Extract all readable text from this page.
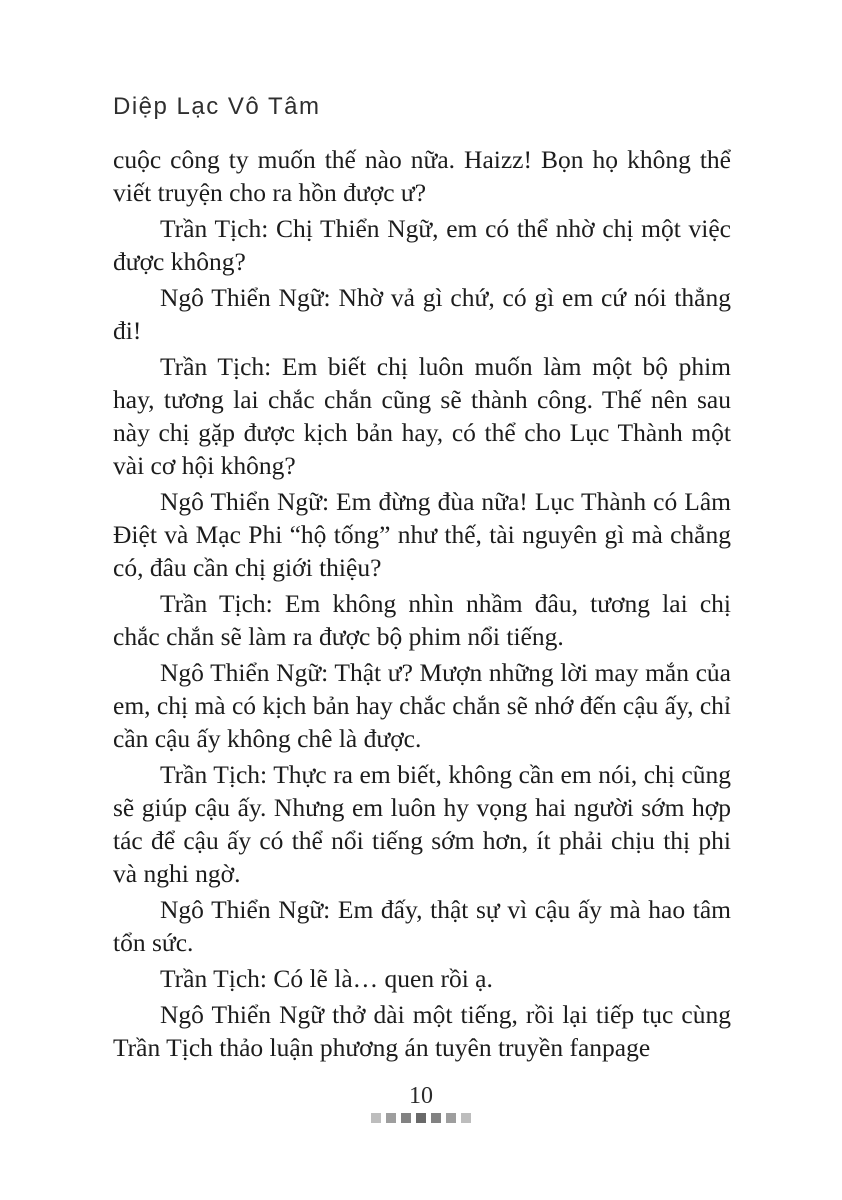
Diệp Lạc Vô Tâm

cuộc công ty muốn thế nào nữa. Haizz! Bọn họ không thể viết truyện cho ra hồn được ư?

Trần Tịch: Chị Thiển Ngữ, em có thể nhờ chị một việc được không?

Ngô Thiển Ngữ: Nhờ vả gì chứ, có gì em cứ nói thẳng đi!

Trần Tịch: Em biết chị luôn muốn làm một bộ phim hay, tương lai chắc chắn cũng sẽ thành công. Thế nên sau này chị gặp được kịch bản hay, có thể cho Lục Thành một vài cơ hội không?

Ngô Thiển Ngữ: Em đừng đùa nữa! Lục Thành có Lâm Điệt và Mạc Phi “hộ tống” như thế, tài nguyên gì mà chẳng có, đâu cần chị giới thiệu?

Trần Tịch: Em không nhìn nhầm đâu, tương lai chị chắc chắn sẽ làm ra được bộ phim nổi tiếng.

Ngô Thiển Ngữ: Thật ư? Mượn những lời may mắn của em, chị mà có kịch bản hay chắc chắn sẽ nhớ đến cậu ấy, chỉ cần cậu ấy không chê là được.

Trần Tịch: Thực ra em biết, không cần em nói, chị cũng sẽ giúp cậu ấy. Nhưng em luôn hy vọng hai người sớm hợp tác để cậu ấy có thể nổi tiếng sớm hơn, ít phải chịu thị phi và nghi ngờ.

Ngô Thiển Ngữ: Em đấy, thật sự vì cậu ấy mà hao tâm tổn sức.

Trần Tịch: Có lẽ là… quen rồi ạ.

Ngô Thiển Ngữ thở dài một tiếng, rồi lại tiếp tục cùng Trần Tịch thảo luận phương án tuyên truyền fanpage

10
